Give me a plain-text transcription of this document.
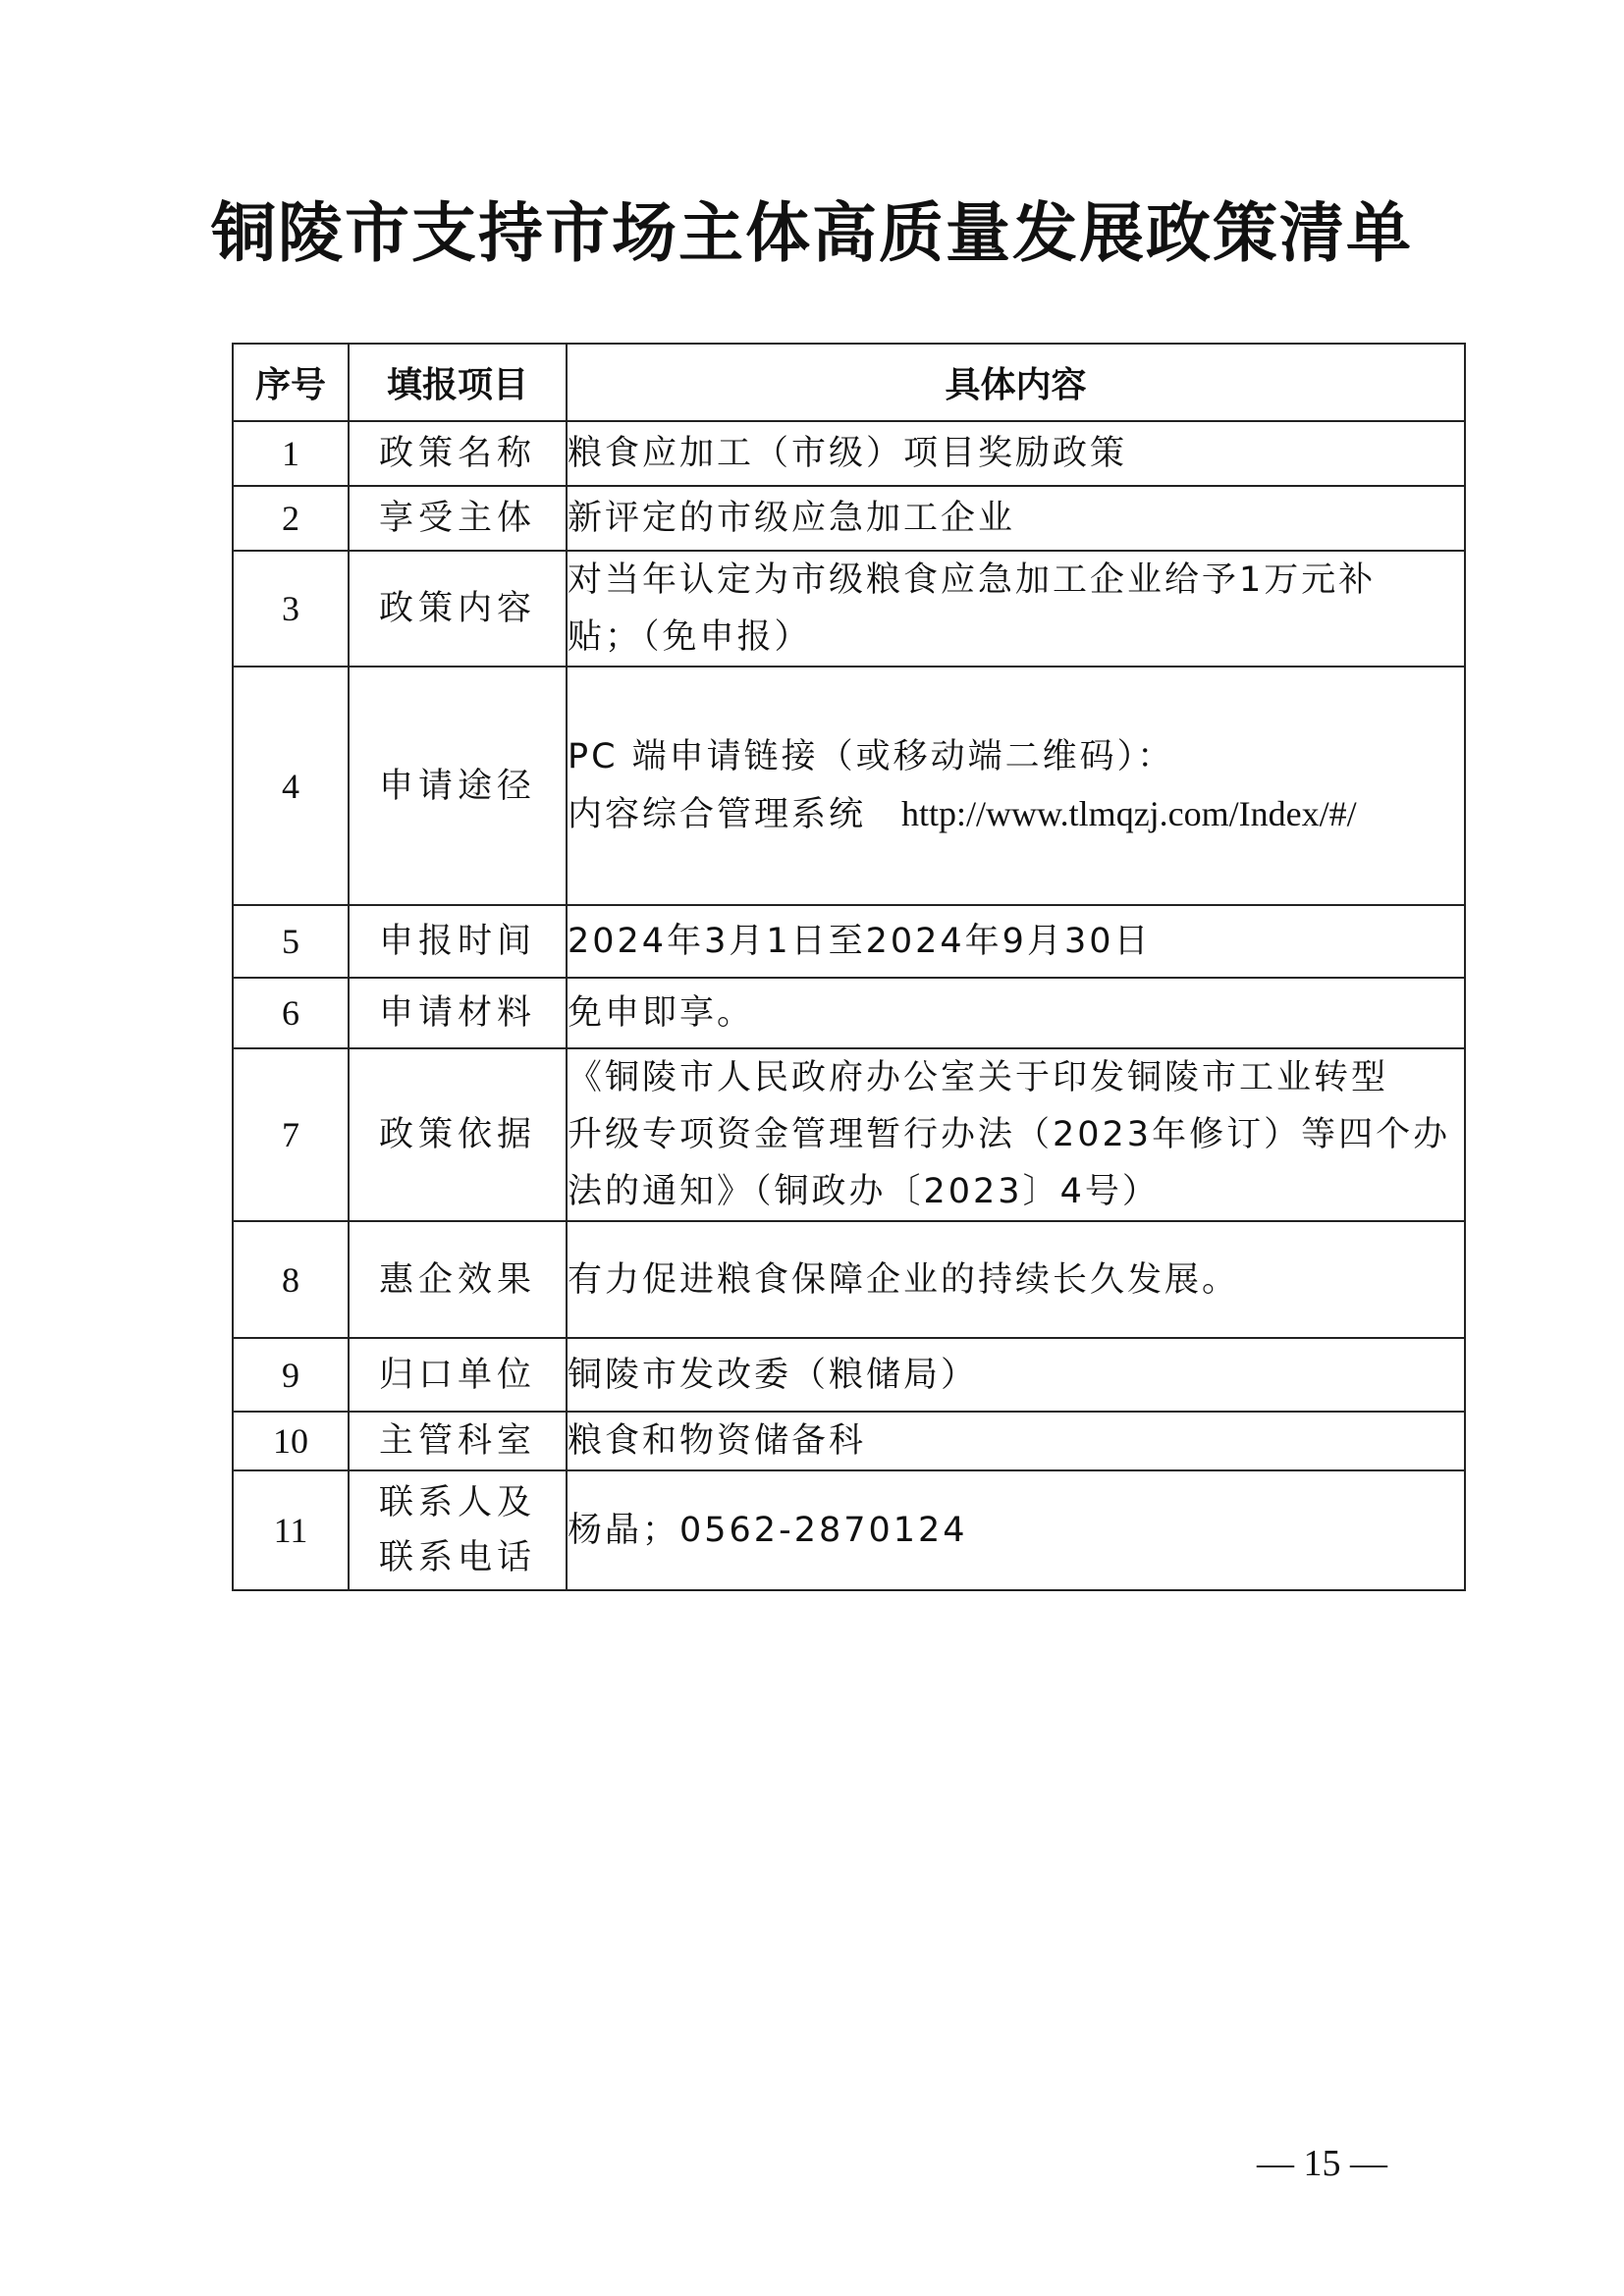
铜陵市支持市场主体高质量发展政策清单
序号	填报项目	具体内容
1	政策名称	粮食应加工（市级）项目奖励政策

2	享受主体	新评定的市级应急加工企业

3	政策内容	对当年认定为市级粮食应急加工企业给予1万元补
贴；（免申报）

4	申请途径	PC 端申请链接（或移动端二维码）：
内容综合管理系统 http://www.tlmqzj.com/Index/#/

5	申报时间	2024年3月1日至2024年9月30日

6	申请材料	免申即享。

7	政策依据	《铜陵市人民政府办公室关于印发铜陵市工业转型
升级专项资金管理暂行办法（2023年修订）等四个办
法的通知》（铜政办〔2023〕4号）

8	惠企效果	有力促进粮食保障企业的持续长久发展。

9	归口单位	铜陵市发改委（粮储局）

10	主管科室	粮食和物资储备科

11	联系人及
联系电话	杨晶；0562-2870124
— 15 —
